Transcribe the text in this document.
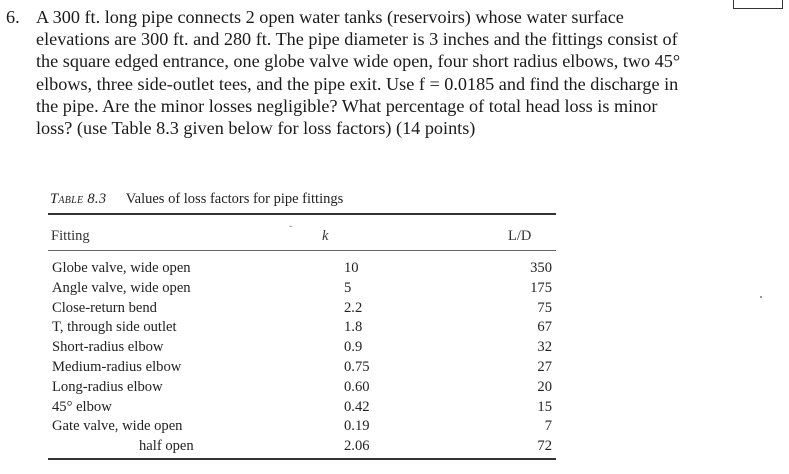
6. A 300 ft. long pipe connects 2 open water tanks (reservoirs) whose water surface
elevations are 300 ft. and 280 ft. The pipe diameter is 3 inches and the fittings consist of
the square edged entrance, one globe valve wide open, four short radius elbows, two 45°
elbows, three side-outlet tees, and the pipe exit. Use f = 0.0185 and find the discharge in
the pipe. Are the minor losses negligible? What percentage of total head loss is minor
loss? (use Table 8.3 given below for loss factors) (14 points)
Table 8.3 Values of loss factors for pipe fittings
Fitting	ˇ k	L/D
Globe valve, wide open	10	350
Angle valve, wide open	5	175
Close-return bend	2.2	75
T, through side outlet	1.8	67
Short-radius elbow	0.9	32
Medium-radius elbow	0.75	27
Long-radius elbow	0.60	20
45° elbow	0.42	15
Gate valve, wide open	0.19	7
half open	2.06	72
